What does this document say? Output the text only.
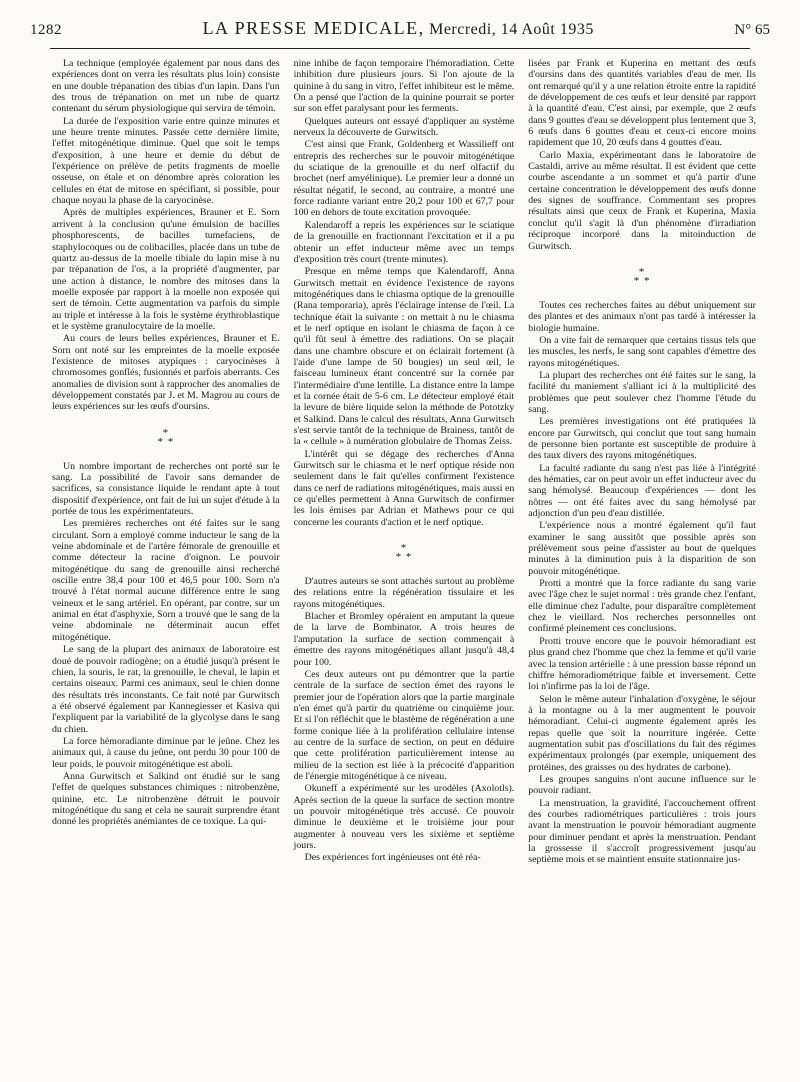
1282	LA PRESSE MEDICALE, Mercredi, 14 Août 1935	N° 65

La technique (employée également par nous dans des expériences dont on verra les résultats plus loin) consiste en une double trépanation des tibias d'un lapin. Dans l'un des trous de trépanation on met un tube de quartz contenant du sérum physiologique qui servira de témoin.

La durée de l'exposition varie entre quinze minutes et une heure trente minutes. Passée cette dernière limite, l'effet mitogénétique diminue. Quel que soit le temps d'exposition, à une heure et demie du début de l'expérience on prélève de petits fragments de moelle osseuse, on étale et on dénombre après coloration les cellules en état de mitose en spécifiant, si possible, pour chaque noyau la phase de la caryocinèse.

Après de multiples expériences, Brauner et E. Sorn arrivent à la conclusion qu'une émulsion de bacilles phosphorescents, de bacilles tumefaciens, de staphylocoques ou de colibacilles, placée dans un tube de quartz au-dessus de la moelle tibiale du lapin mise à nu par trépanation de l'os, a la propriété d'augmenter, par une action à distance, le nombre des mitoses dans la moelle exposée par rapport à la moelle non exposée qui sert de témoin. Cette augmentation va parfois du simple au triple et intéresse à la fois le système érythroblastique et le système granulocytaire de la moelle.

Au cours de leurs belles expériences, Brauner et E. Sorn ont noté sur les empreintes de la moelle exposée l'existence de mitoses atypiques : caryocinèses à chromosomes gonflés, fusionnés et parfois aberrants. Ces anomalies de division sont à rapprocher des anomalies de développement constatés par J. et M. Magrou au cours de leurs expériences sur les œufs d'oursins.

*
* *

Un nombre important de recherches ont porté sur le sang. La possibilité de l'avoir sans demander de sacrifices, sa consistance liquide le rendant apte à tout dispositif d'expérience, ont fait de lui un sujet d'étude à la portée de tous les expérimentateurs.

Les premières recherches ont été faites sur le sang circulant. Sorn a employé comme inducteur le sang de la veine abdominale et de l'artère fémorale de grenouille et comme détecteur la racine d'oignon. Le pouvoir mitogénétique du sang de grenouille ainsi recherché oscille entre 38,4 pour 100 et 46,5 pour 100. Sorn n'a trouvé à l'état normal aucune différence entre le sang veineux et le sang artériel. En opérant, par contre, sur un animal en état d'asphyxie, Sorn a trouvé que le sang de la veine abdominale ne déterminait aucun effet mitogénétique.

Le sang de la plupart des animaux de laboratoire est doué de pouvoir radiogène; on a étudié jusqu'à présent le chien, la souris, le rat, la grenouille, le cheval, le lapin et certains oiseaux. Parmi ces animaux, seul le chien donne des résultats très inconstants. Ce fait noté par Gurwitsch a été observé également par Kannegiesser et Kasiva qui l'expliquent par la variabilité de la glycolyse dans le sang du chien.

La force hémoradiante diminue par le jeûne. Chez les animaux qui, à cause du jeûne, ont perdu 30 pour 100 de leur poids, le pouvoir mitogénétique est aboli.

Anna Gurwitsch et Salkind ont étudié sur le sang l'effet de quelques substances chimiques : nitrobenzène, quinine, etc. Le nitrobenzène détruit le pouvoir mitogénétique du sang et cela ne saurait surprendre étant donné les propriétés anémiantes de ce toxique. La qui-

nine inhibe de façon temporaire l'hémoradiation. Cette inhibition dure plusieurs jours. Si l'on ajoute de la quinine à du sang in vitro, l'effet inhibiteur est le même. On a pensé que l'action de la quinine pourrait se porter sur son effet paralysant pour les ferments.

Quelques auteurs ont essayé d'appliquer au système nerveux la découverte de Gurwitsch.

C'est ainsi que Frank, Goldenberg et Wassilieff ont entrepris des recherches sur le pouvoir mitogénétique du sciatique de la grenouille et du nerf olfactif du brochet (nerf amyélinique). Le premier leur a donné un résultat négatif, le second, au contraire, a montré une force radiante variant entre 20,2 pour 100 et 67,7 pour 100 en dehors de toute excitation provoquée.

Kalendaroff a repris les expériences sur le sciatique de la grenouille en fractionnant l'excitation et il a pu obtenir un effet inducteur même avec un temps d'exposition très court (trente minutes).

Presque en même temps que Kalendaroff, Anna Gurwitsch mettait en évidence l'existence de rayons mitogénétiques dans le chiasma optique de la grenouille (Rana temporaria), après l'éclairage intense de l'œil. La technique était la suivante : on mettait à nu le chiasma et le nerf optique en isolant le chiasma de façon à ce qu'il fût seul à émettre des radiations. On se plaçait dans une chambre obscure et on éclairait fortement (à l'aide d'une lampe de 50 bougies) un seul œil, le faisceau lumineux étant concentré sur la cornée par l'intermédiaire d'une lentille. La distance entre la lampe et la cornée était de 5-6 cm. Le détecteur employé était la levure de bière liquide selon la méthode de Pototzky et Salkind. Dans le calcul des résultats, Anna Gurwitsch s'est servie tantôt de la technique de Brainess, tantôt de la « cellule » à numération globulaire de Thomas Zeiss.

L'intérêt qui se dégage des recherches d'Anna Gurwitsch sur le chiasma et le nerf optique réside non seulement dans le fait qu'elles confirment l'existence dans ce nerf de radiations mitogénétiques, mais aussi en ce qu'elles permettent à Anna Gurwitsch de confirmer les lois émises par Adrian et Mathews pour ce qui concerne les courants d'action et le nerf optique.

*
* *

D'autres auteurs se sont attachés surtout au problème des relations entre la régénération tissulaire et les rayons mitogénétiques.

Blacher et Bromley opéraient en amputant la queue de la larve de Bombinator. A trois heures de l'amputation la surface de section commençait à émettre des rayons mitogénétiques allant jusqu'à 48,4 pour 100.

Ces deux auteurs ont pu démontrer que la partie centrale de la surface de section émet des rayons le premier jour de l'opération alors que la partie marginale n'en émet qu'à partir du quatrième ou cinquième jour. Et si l'on réfléchit que le blastème de régénération a une forme conique liée à la prolifération cellulaire intense au centre de la surface de section, on peut en déduire que cette prolifération particulièrement intense au milieu de la section est liée à la précocité d'apparition de l'énergie mitogénétique à ce niveau.

Okuneff a expérimenté sur les urodèles (Axolotls). Après section de la queue la surface de section montre un pouvoir mitogénétique très accusé. Ce pouvoir diminue le deuxième et le troisième jour pour augmenter à nouveau vers les sixième et septième jours.

Des expériences fort ingénieuses ont été réa-

lisées par Frank et Kuperina en mettant des œufs d'oursins dans des quantités variables d'eau de mer. Ils ont remarqué qu'il y a une relation étroite entre la rapidité de développement de ces œufs et leur densité par rapport à la quantité d'eau. C'est ainsi, par exemple, que 2 œufs dans 9 gouttes d'eau se développent plus lentement que 3, 6 œufs dans 6 gouttes d'eau et ceux-ci encore moins rapidement que 10, 20 œufs dans 4 gouttes d'eau.

Carlo Maxia, expérimentant dans le laboratoire de Castaldi, arrive au même résultat. Il est évident que cette courbe ascendante a un sommet et qu'à partir d'une certaine concentration le développement des œufs donne des signes de souffrance. Commentant ses propres résultats ainsi que ceux de Frank et Kuperina, Maxia conclut qu'il s'agit là d'un phénomène d'irradiation réciproque incorporé dans la mitoinduction de Gurwitsch.

*
* *

Toutes ces recherches faites au début uniquement sur des plantes et des animaux n'ont pas tardé à intéresser la biologie humaine.

On a vite fait de remarquer que certains tissus tels que les muscles, les nerfs, le sang sont capables d'émettre des rayons mitogénétiques.

La plupart des recherches ont été faites sur le sang, la facilité du maniement s'alliant ici à la multiplicité des problèmes que peut soulever chez l'homme l'étude du sang.

Les premières investigations ont été pratiquées là encore par Gurwitsch, qui conclut que tout sang humain de personne bien portante est susceptible de produire à des taux divers des rayons mitogénétiques.

La faculté radiante du sang n'est pas liée à l'intégrité des hématies, car on peut avoir un effet inducteur avec du sang hémolysé. Beaucoup d'expériences — dont les nôtres — ont été faites avec du sang hémolysé par adjonction d'un peu d'eau distillée.

L'expérience nous a montré également qu'il faut examiner le sang aussitôt que possible après son prélèvement sous peine d'assister au bout de quelques minutes à la diminution puis à la disparition de son pouvoir mitogénétique.

Protti a montré que la force radiante du sang varie avec l'âge chez le sujet normal : très grande chez l'enfant, elle diminue chez l'adulte, pour disparaître complètement chez le vieillard. Nos recherches personnelles ont confirmé pleinement ces conclusions.

Protti trouve encore que le pouvoir hémoradiant est plus grand chez l'homme que chez la femme et qu'il varie avec la tension artérielle : à une pression basse répond un chiffre hémoradiométrique faible et inversement. Cette loi n'infirme pas la loi de l'âge.

Selon le même auteur l'inhalation d'oxygène, le séjour à la montagne ou à la mer augmentent le pouvoir hémoradiant. Celui-ci augmente également après les repas quelle que soit la nourriture ingérée. Cette augmentation subit pas d'oscillations du fait des régimes expérimentaux prolongés (par exemple, uniquement des protéines, des graisses ou des hydrates de carbone).

Les groupes sanguins n'ont aucune influence sur le pouvoir radiant.

La menstruation, la gravidité, l'accouchement offrent des courbes radiométriques particulières : trois jours avant la menstruation le pouvoir hémoradiant augmente pour diminuer pendant et après la menstruation. Pendant la grossesse il s'accroît progressivement jusqu'au septième mois et se maintient ensuite stationnaire jus-
